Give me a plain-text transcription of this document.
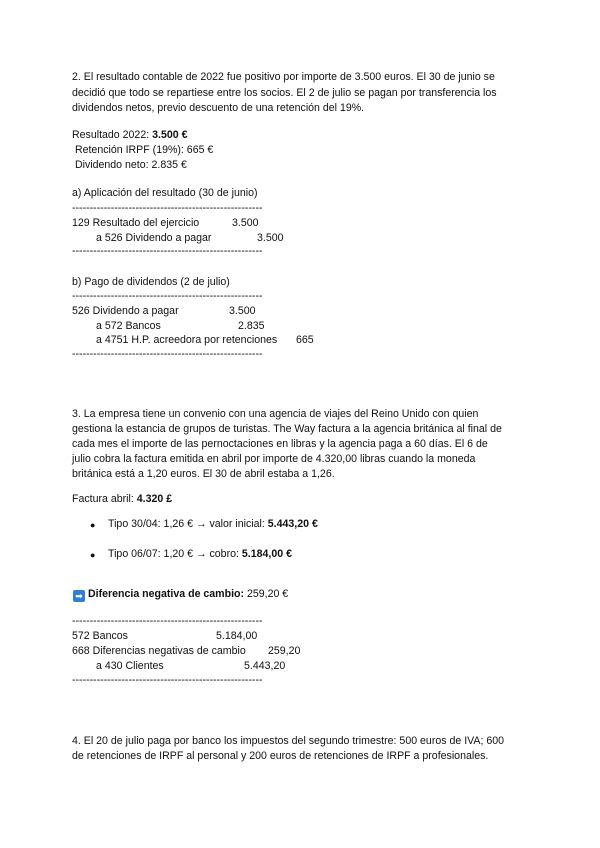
2. El resultado contable de 2022 fue positivo por importe de 3.500 euros. El 30 de junio se
decidió que todo se repartiese entre los socios. El 2 de julio se pagan por transferencia los
dividendos netos, previo descuento de una retención del 19%.
Resultado 2022: 3.500 €
Retención IRPF (19%): 665 €
Dividendo neto: 2.835 €
a) Aplicación del resultado (30 de junio)
------------------------------------------------------
129 Resultado del ejercicio	3.500
a 526 Dividendo a pagar	3.500
------------------------------------------------------
b) Pago de dividendos (2 de julio)
------------------------------------------------------
526 Dividendo a pagar	3.500
a 572 Bancos	2.835
a 4751 H.P. acreedora por retenciones 665
------------------------------------------------------
3. La empresa tiene un convenio con una agencia de viajes del Reino Unido con quien
gestiona la estancia de grupos de turistas. The Way factura a la agencia británica al final de
cada mes el importe de las pernoctaciones en libras y la agencia paga a 60 días. El 6 de
julio cobra la factura emitida en abril por importe de 4.320,00 libras cuando la moneda
británica está a 1,20 euros. El 30 de abril estaba a 1,26.
Factura abril: 4.320 £
● Tipo 30/04: 1,26 € → valor inicial: 5.443,20 €
● Tipo 06/07: 1,20 € → cobro: 5.184,00 €
➡ Diferencia negativa de cambio: 259,20 €
------------------------------------------------------
572 Bancos	5.184,00
668 Diferencias negativas de cambio 259,20
a 430 Clientes	5.443,20
------------------------------------------------------
4. El 20 de julio paga por banco los impuestos del segundo trimestre: 500 euros de IVA; 600
de retenciones de IRPF al personal y 200 euros de retenciones de IRPF a profesionales.
